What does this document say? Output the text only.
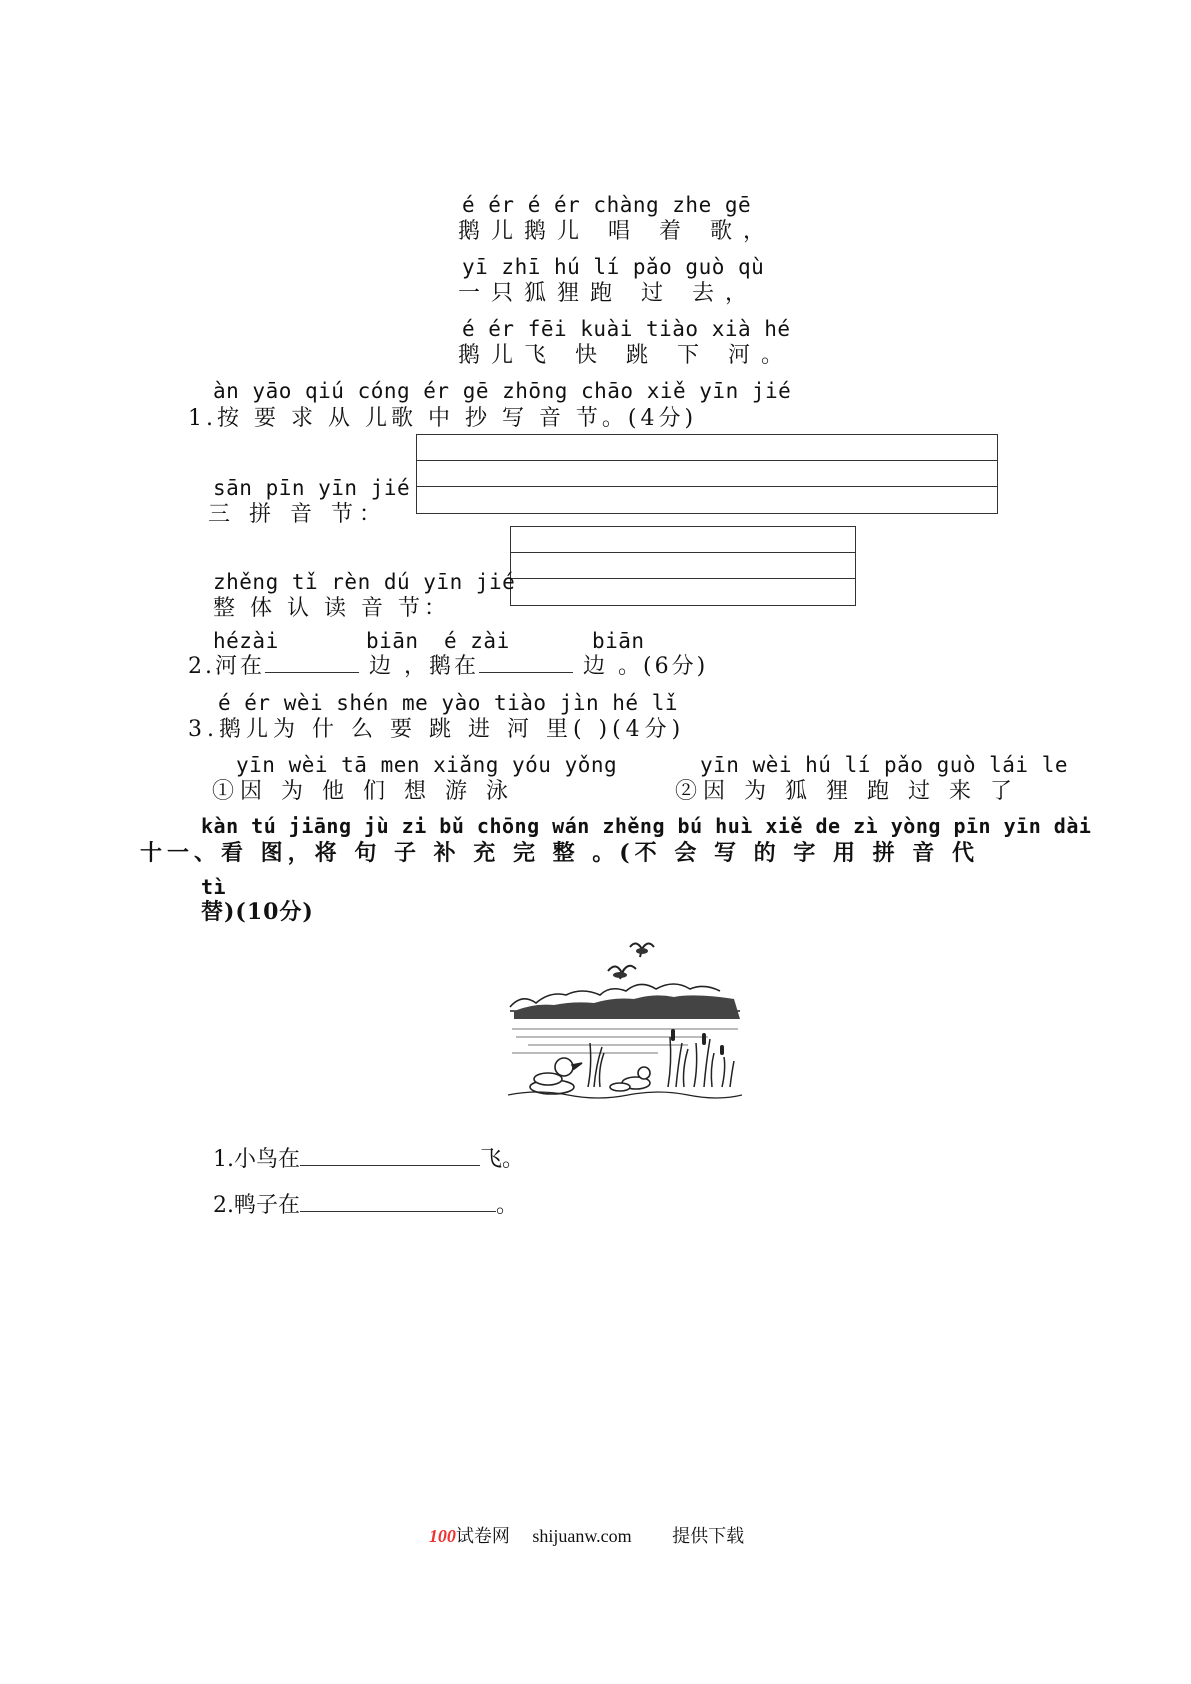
é ér é ér chàng zhe gē
鹅儿鹅儿 唱 着 歌，
yī zhī hú lí pǎo guò qù
一只狐狸跑 过 去，
é ér fēi kuài tiào xià hé
鹅儿飞 快 跳 下 河。
àn yāo qiú cóng ér gē zhōng chāo xiě yīn jié
1.按 要 求 从 儿歌 中 抄 写 音 节。(4分)
sān pīn yīn jié
三 拼 音 节：
zhěng tǐ rèn dú yīn jié
整 体 认 读 音 节：
hézài	biān é zài	biān
2.河在	边 ，鹅在	边 。(6分)
é ér wèi shén me yào tiào jìn hé lǐ
3.鹅儿为 什 么 要 跳 进 河 里( )(4分)
yīn wèi tā men xiǎng yóu yǒng
①因 为 他 们 想 游 泳
yīn wèi hú lí pǎo guò lái le
②因 为 狐 狸 跑 过 来 了
kàn tú jiāng jù zi bǔ chōng wán zhěng bú huì xiě de zì yòng pīn yīn dài
十一、看 图，将 句 子 补 充 完 整 。(不 会 写 的 字 用 拼 音 代
tì
替)(10分)
1.小鸟在	飞。
2.鸭子在	。
100试卷网 shijuanw.com 提供下载
